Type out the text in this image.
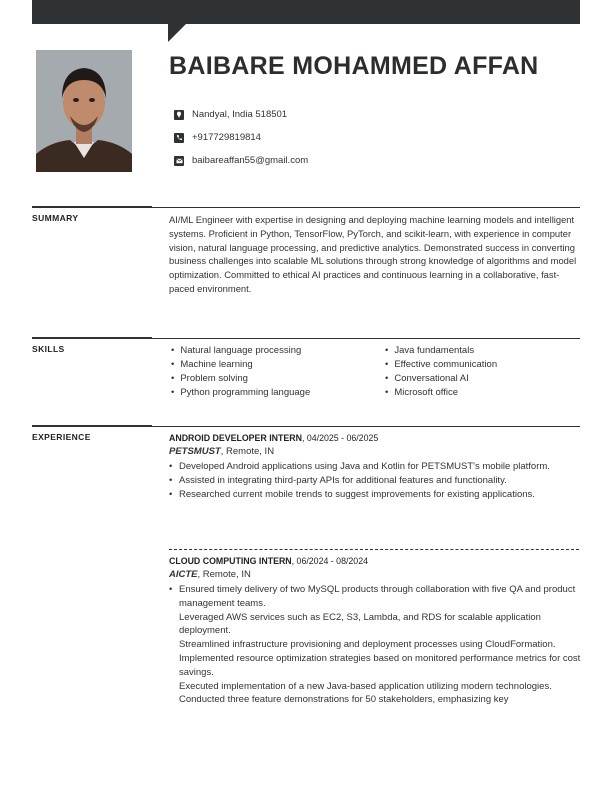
BAIBARE MOHAMMED AFFAN
Nandyal, India 518501
+917729819814
baibareaffan55@gmail.com
SUMMARY	AI/ML Engineer with expertise in designing and deploying machine learning models and intelligent systems. Proficient in Python, TensorFlow, PyTorch, and scikit-learn, with experience in computer vision, natural language processing, and predictive analytics. Demonstrated success in converting business challenges into scalable ML solutions through strong knowledge of algorithms and model optimization. Committed to ethical AI practices and continuous learning in a collaborative, fast-paced environment.

SKILLS
•	Natural language processing
• Machine learning
• Problem solving
• Python programming language
• Java fundamentals
• Effective communication
• Conversational AI
• Microsoft office
EXPERIENCE	ANDROID DEVELOPER INTERN, 04/2025 - 06/2025
PETSMUST, Remote, IN
• Developed Android applications using Java and Kotlin for PETSMUST's mobile platform.
• Assisted in integrating third-party APIs for additional features and functionality.
• Researched current mobile trends to suggest improvements for existing applications.
CLOUD COMPUTING INTERN, 06/2024 - 08/2024
AICTE, Remote, IN
• Ensured timely delivery of two MySQL products through collaboration with five QA and product management teams.
Leveraged AWS services such as EC2, S3, Lambda, and RDS for scalable application deployment.
Streamlined infrastructure provisioning and deployment processes using CloudFormation.
Implemented resource optimization strategies based on monitored performance metrics for cost savings.
Executed implementation of a new Java-based application utilizing modern technologies.
Conducted three feature demonstrations for 50 stakeholders, emphasizing key
